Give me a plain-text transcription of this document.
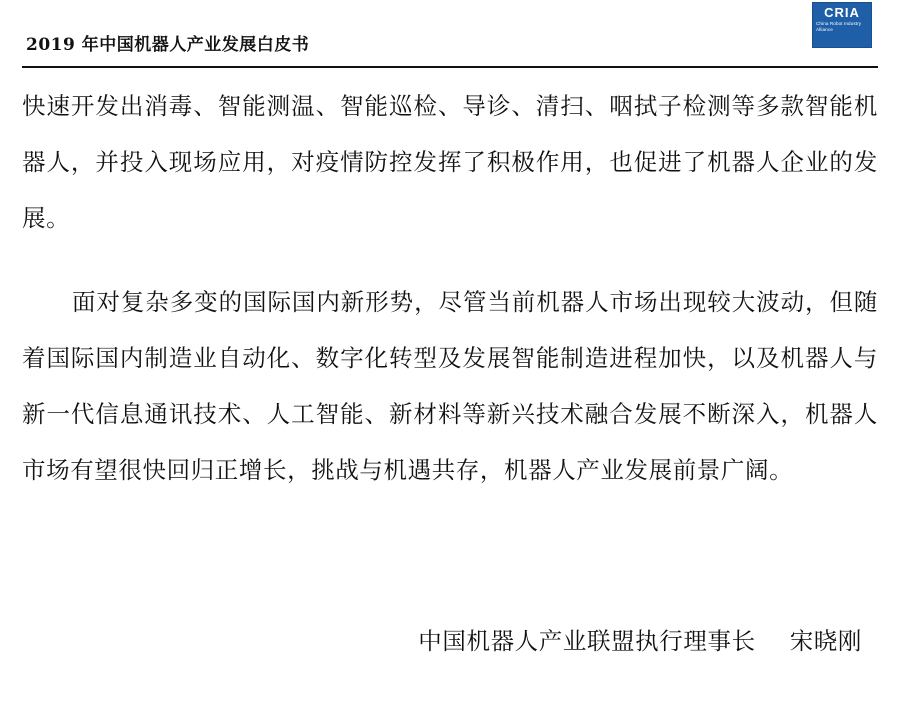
2019 年中国机器人产业发展白皮书
CRIA
China Robot Industry Alliance

快速开发出消毒、智能测温、智能巡检、导诊、清扫、咽拭子检测等多款智能机器人，并投入现场应用，对疫情防控发挥了积极作用，也促进了机器人企业的发展。

面对复杂多变的国际国内新形势，尽管当前机器人市场出现较大波动，但随着国际国内制造业自动化、数字化转型及发展智能制造进程加快，以及机器人与新一代信息通讯技术、人工智能、新材料等新兴技术融合发展不断深入，机器人市场有望很快回归正增长，挑战与机遇共存，机器人产业发展前景广阔。

中国机器人产业联盟执行理事长 宋晓刚
